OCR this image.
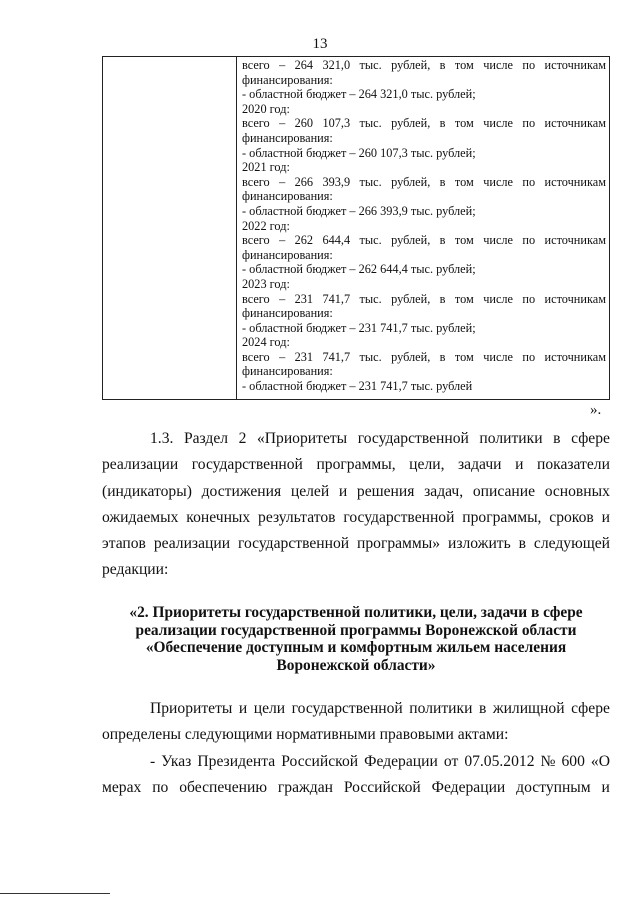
13
всего – 264 321,0 тыс. рублей, в том числе по источникам
финансирования:
- областной бюджет – 264 321,0 тыс. рублей;
2020 год:
всего – 260 107,3 тыс. рублей, в том числе по источникам
финансирования:
- областной бюджет – 260 107,3 тыс. рублей;
2021 год:
всего – 266 393,9 тыс. рублей, в том числе по источникам
финансирования:
- областной бюджет – 266 393,9 тыс. рублей;
2022 год:
всего – 262 644,4 тыс. рублей, в том числе по источникам
финансирования:
- областной бюджет – 262 644,4 тыс. рублей;
2023 год:
всего – 231 741,7 тыс. рублей, в том числе по источникам
финансирования:
- областной бюджет – 231 741,7 тыс. рублей;
2024 год:
всего – 231 741,7 тыс. рублей, в том числе по источникам
финансирования:
- областной бюджет – 231 741,7 тыс. рублей
».
1.3. Раздел 2 «Приоритеты государственной политики в сфере
реализации государственной программы, цели, задачи и показатели
(индикаторы) достижения целей и решения задач, описание основных
ожидаемых конечных результатов государственной программы, сроков и
этапов реализации государственной программы» изложить в следующей
редакции:
«2. Приоритеты государственной политики, цели, задачи в сфере
реализации государственной программы Воронежской области
«Обеспечение доступным и комфортным жильем населения
Воронежской области»
Приоритеты и цели государственной политики в жилищной сфере
определены следующими нормативными правовыми актами:
- Указ Президента Российской Федерации от 07.05.2012 № 600 «О
мерах по обеспечению граждан Российской Федерации доступным и
